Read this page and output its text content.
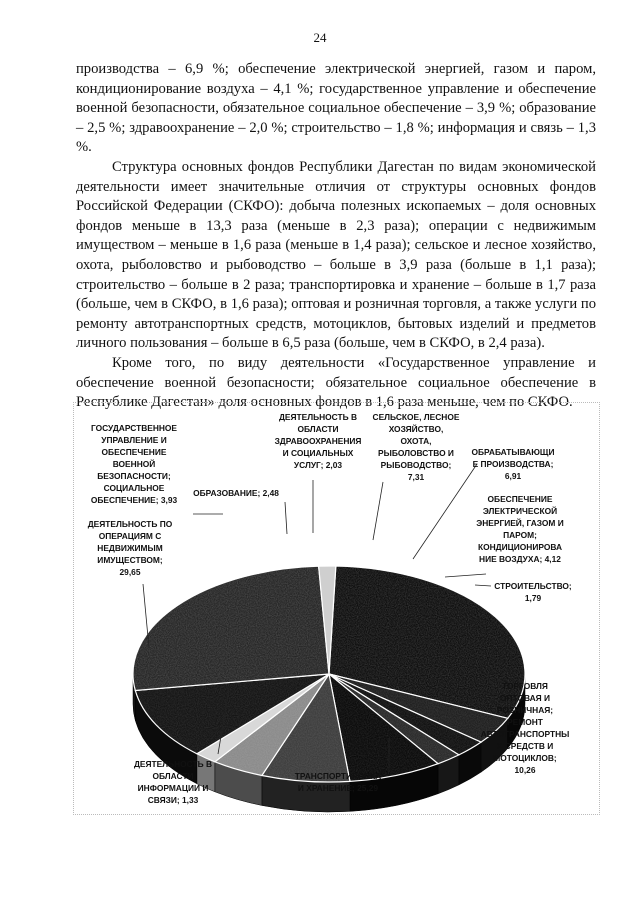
24

производства – 6,9 %; обеспечение электрической энергией, газом и паром, кондиционирование воздуха – 4,1 %; государственное управление и обеспечение военной безопасности, обязательное социальное обеспечение – 3,9 %; образование – 2,5 %; здравоохранение – 2,0 %; строительство – 1,8 %; информация и связь – 1,3 %.

Структура основных фондов Республики Дагестан по видам экономической деятельности имеет значительные отличия от структуры основных фондов Российской Федерации (СКФО): добыча полезных ископаемых – доля основных фондов меньше в 13,3 раза (меньше в 2,3 раза); операции с недвижимым имуществом – меньше в 1,6 раза (меньше в 1,4 раза); сельское и лесное хозяйство, охота, рыболовство и рыбоводство – больше в 3,9 раза (больше в 1,1 раза); строительство – больше в 2 раза; транспортировка и хранение – больше в 1,7 раза (больше, чем в СКФО, в 1,6 раза); оптовая и розничная торговля, а также услуги по ремонту автотранспортных средств, мотоциклов, бытовых изделий и предметов личного пользования – больше в 6,5 раза (больше, чем в СКФО, в 2,4 раза).

Кроме того, по виду деятельности «Государственное управление и обеспечение военной безопасности; обязательное социальное обеспечение в Республике Дагестан» доля основных фондов в 1,6 раза меньше, чем по СКФО.

ГОСУДАРСТВЕННОЕ
УПРАВЛЕНИЕ И
ОБЕСПЕЧЕНИЕ
ВОЕННОЙ
БЕЗОПАСНОСТИ;
СОЦИАЛЬНОЕ
ОБЕСПЕЧЕНИЕ; 3,93
ДЕЯТЕЛЬНОСТЬ ПО
ОПЕРАЦИЯМ С
НЕДВИЖИМЫМ
ИМУЩЕСТВОМ;
29,65
ОБРАЗОВАНИЕ; 2,48
ДЕЯТЕЛЬНОСТЬ В
ОБЛАСТИ
ЗДРАВООХРАНЕНИЯ
И СОЦИАЛЬНЫХ
УСЛУГ; 2,03
СЕЛЬСКОЕ, ЛЕСНОЕ
ХОЗЯЙСТВО,
ОХОТА,
РЫБОЛОВСТВО И
РЫБОВОДСТВО;
7,31
ОБРАБАТЫВАЮЩИ
Е ПРОИЗВОДСТВА;
6,91
ОБЕСПЕЧЕНИЕ
ЭЛЕКТРИЧЕСКОЙ
ЭНЕРГИЕЙ, ГАЗОМ И
ПАРОМ;
КОНДИЦИОНИРОВА
НИЕ ВОЗДУХА; 4,12
СТРОИТЕЛЬСТВО;
1,79
ТОРГОВЛЯ
ОПТОВАЯ И
РОЗНИЧНАЯ;
РЕМОНТ
АВТОТРАНСПОРТНЫ
Х СРЕДСТВ И
МОТОЦИКЛОВ;
10,26
ТРАНСПОРТИРОВКА
И ХРАНЕНИЕ; 25,29
ДЕЯТЕЛЬНОСТЬ В
ОБЛАСТИ
ИНФОРМАЦИИ И
СВЯЗИ; 1,33
